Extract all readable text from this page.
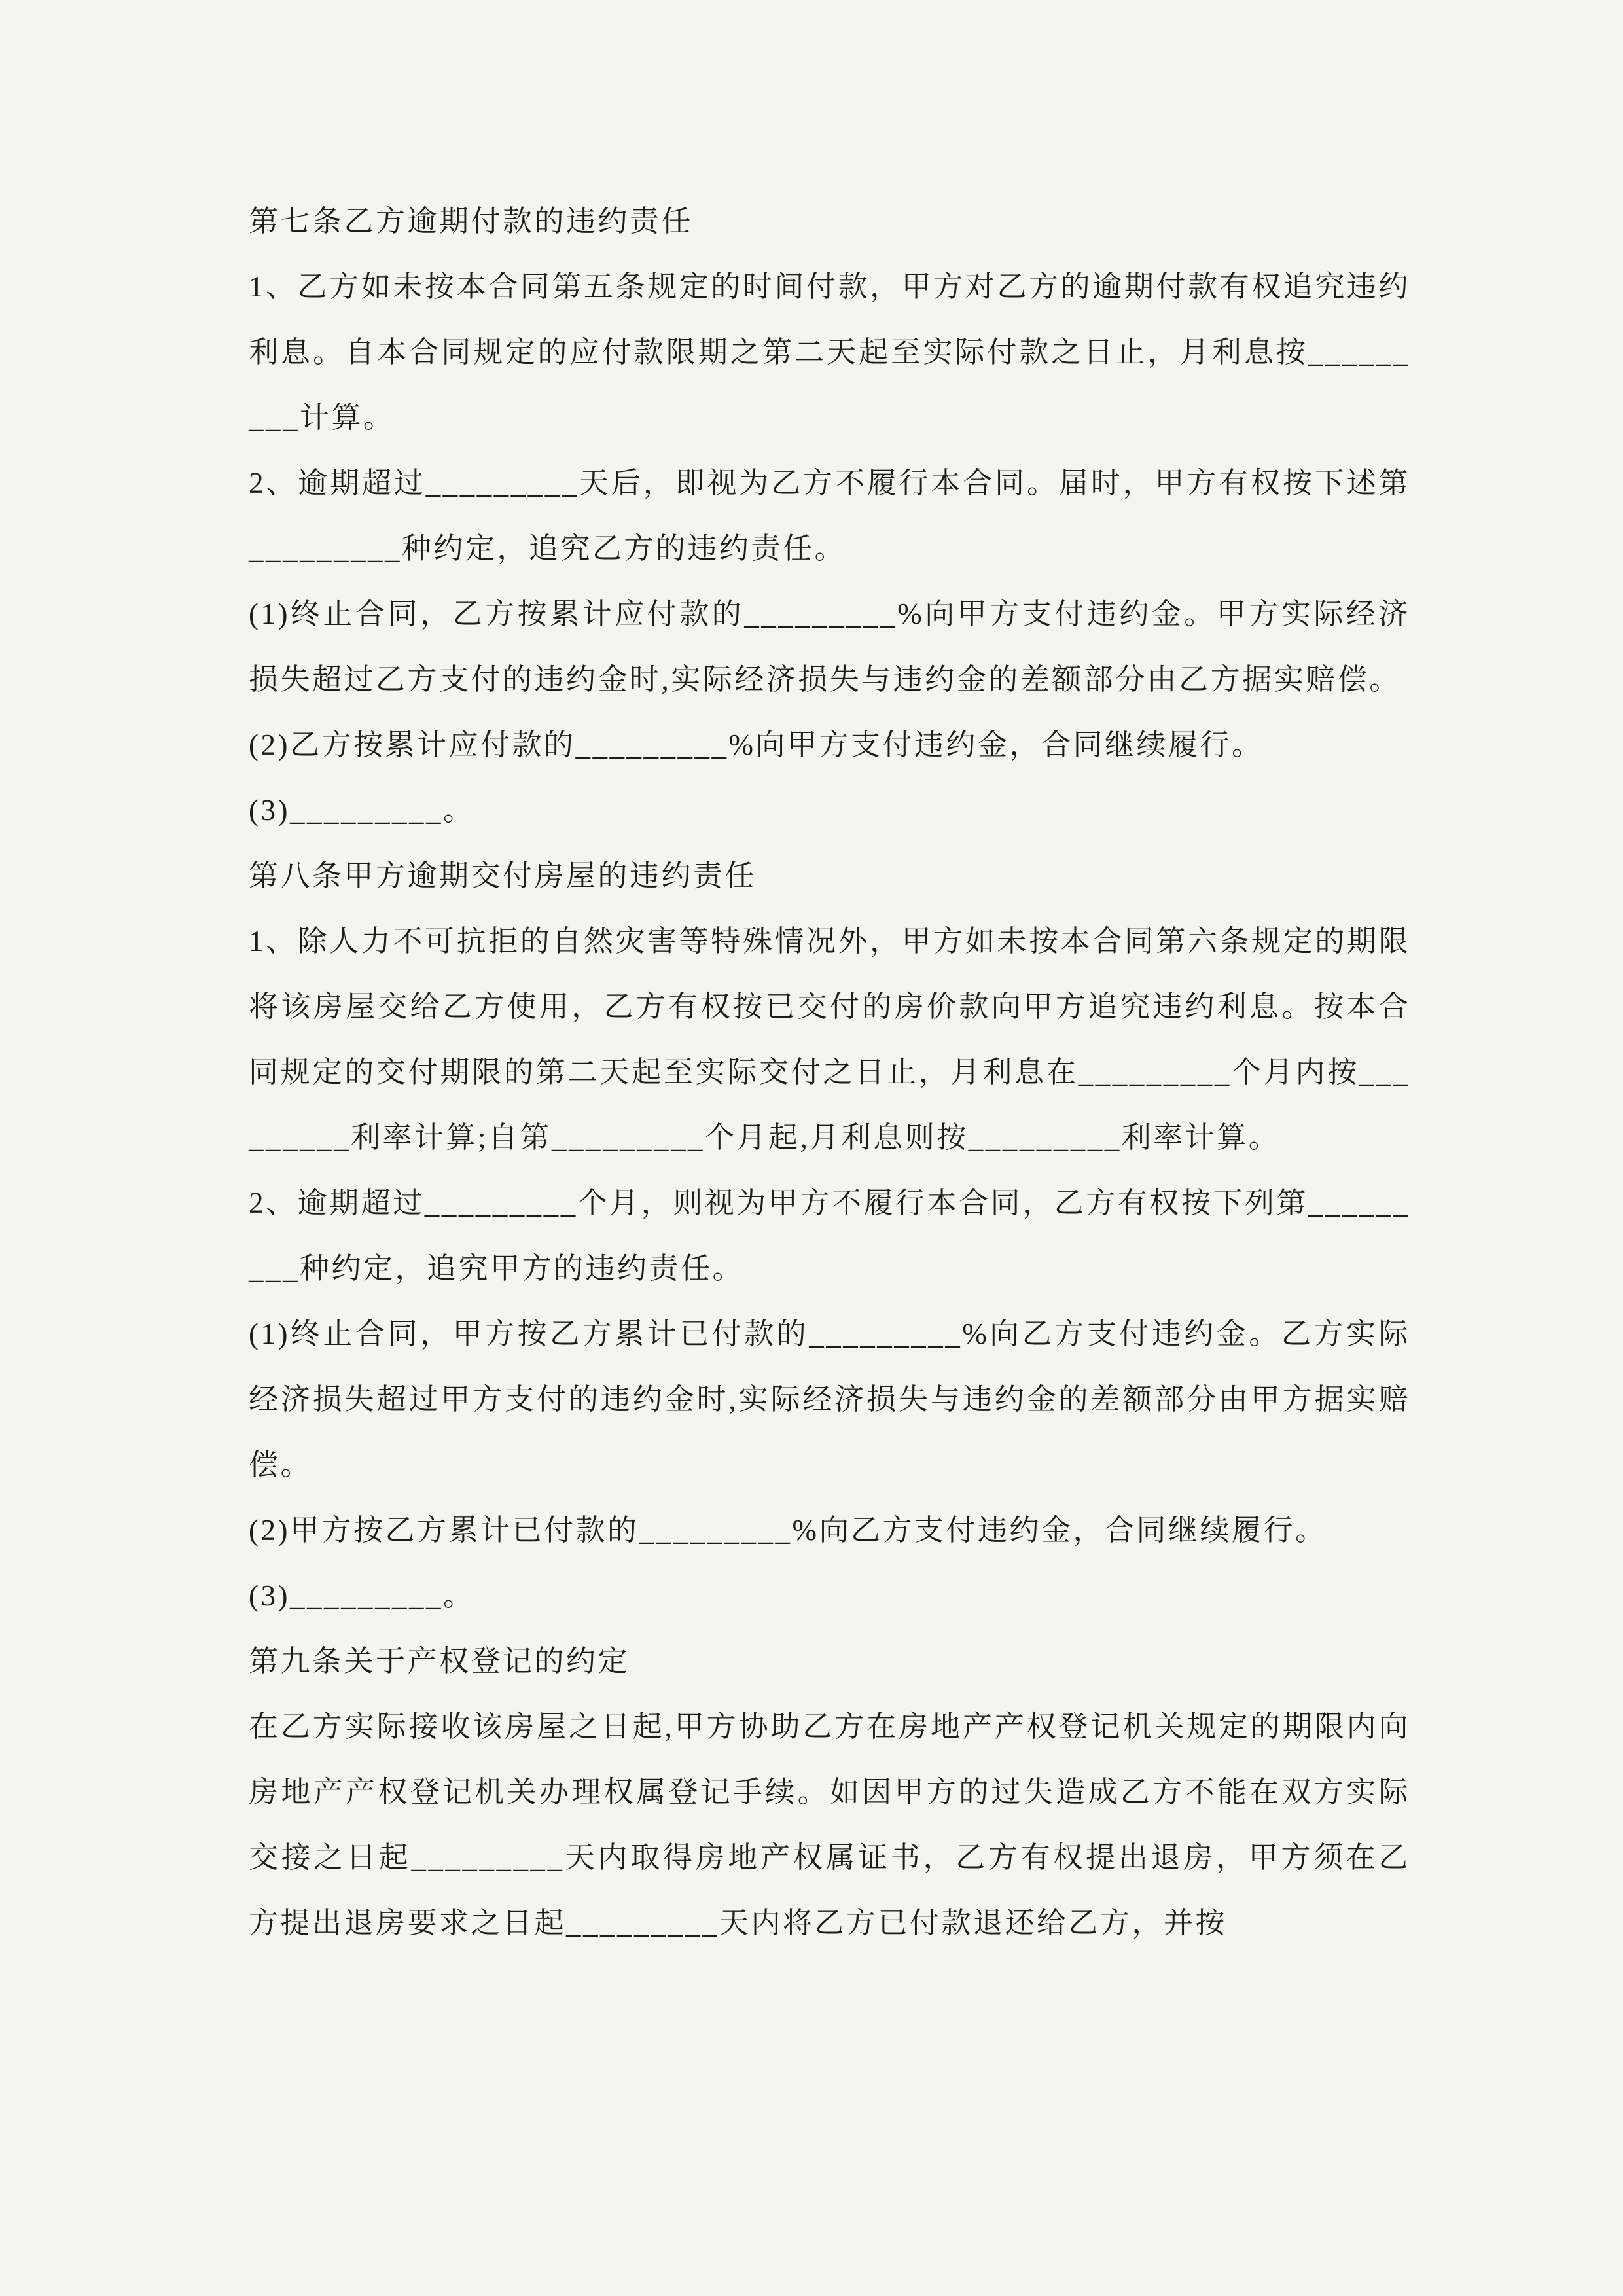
第七条乙方逾期付款的违约责任

1、乙方如未按本合同第五条规定的时间付款，甲方对乙方的逾期付款有权追究违约利息。自本合同规定的应付款限期之第二天起至实际付款之日止，月利息按_________计算。

2、逾期超过_________天后，即视为乙方不履行本合同。届时，甲方有权按下述第_________种约定，追究乙方的违约责任。

(1)终止合同，乙方按累计应付款的_________%向甲方支付违约金。甲方实际经济损失超过乙方支付的违约金时,实际经济损失与违约金的差额部分由乙方据实赔偿。

(2)乙方按累计应付款的_________%向甲方支付违约金，合同继续履行。

(3)_________。

第八条甲方逾期交付房屋的违约责任

1、除人力不可抗拒的自然灾害等特殊情况外，甲方如未按本合同第六条规定的期限将该房屋交给乙方使用，乙方有权按已交付的房价款向甲方追究违约利息。按本合同规定的交付期限的第二天起至实际交付之日止，月利息在_________个月内按_________利率计算;自第_________个月起,月利息则按_________利率计算。

2、逾期超过_________个月，则视为甲方不履行本合同，乙方有权按下列第_________种约定，追究甲方的违约责任。

(1)终止合同，甲方按乙方累计已付款的_________%向乙方支付违约金。乙方实际经济损失超过甲方支付的违约金时,实际经济损失与违约金的差额部分由甲方据实赔偿。

(2)甲方按乙方累计已付款的_________%向乙方支付违约金，合同继续履行。

(3)_________。

第九条关于产权登记的约定

在乙方实际接收该房屋之日起,甲方协助乙方在房地产产权登记机关规定的期限内向房地产产权登记机关办理权属登记手续。如因甲方的过失造成乙方不能在双方实际交接之日起_________天内取得房地产权属证书，乙方有权提出退房，甲方须在乙方提出退房要求之日起_________天内将乙方已付款退还给乙方，并按
